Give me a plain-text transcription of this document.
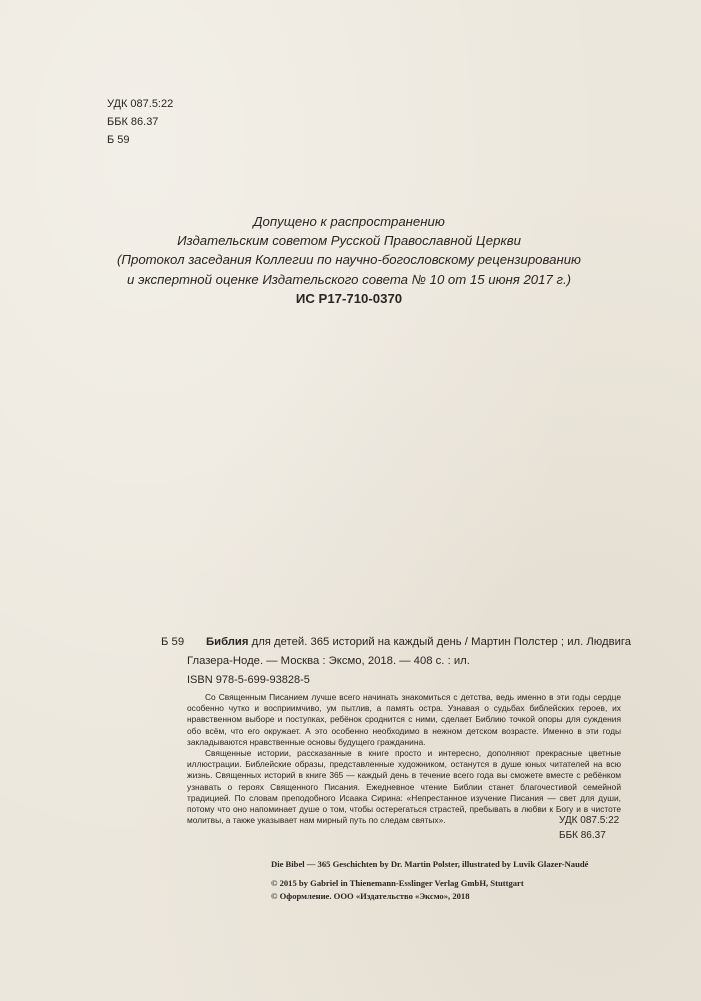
УДК 087.5:22
ББК 86.37
Б 59
Допущено к распространению
Издательским советом Русской Православной Церкви
(Протокол заседания Коллегии по научно-богословскому рецензированию
и экспертной оценке Издательского совета № 10 от 15 июня 2017 г.)
ИС Р17-710-0370
Б 59 Библия для детей. 365 историй на каждый день / Мартин Полстер ; ил. Людвига
Глазера-Ноде. — Москва : Эксмо, 2018. — 408 с. : ил.
ISBN 978-5-699-93828-5

Со Священным Писанием лучше всего начинать знакомиться с детства, ведь именно в эти годы сердце особенно чутко и восприимчиво, ум пытлив, а память остра. Узнавая о судьбах библейских героев, их нравственном выборе и поступках, ребёнок сроднится с ними, сделает Библию точкой опоры для суждения обо всём, что его окружает. А это особенно необходимо в нежном детском возрасте. Именно в эти годы закладываются нравственные основы будущего гражданина.

Священные истории, рассказанные в книге просто и интересно, дополняют прекрасные цветные иллюстрации. Библейские образы, представленные художником, останутся в душе юных читателей на всю жизнь. Священных историй в книге 365 — каждый день в течение всего года вы сможете вместе с ребёнком узнавать о героях Священного Писания. Ежедневное чтение Библии станет благочестивой семейной традицией. По словам преподобного Исаака Сирина: «Непрестанное изучение Писания — свет для души, потому что оно напоминает душе о том, чтобы остерегаться страстей, пребывать в любви к Богу и в чистоте молитвы, а также указывает нам мирный путь по следам святых».	УДК 087.5:22
ББК 86.37
Die Bibel — 365 Geschichten by Dr. Martin Polster, illustrated by Luvik Glazer-Naudé
© 2015 by Gabriel in Thienemann-Esslinger Verlag GmbH, Stuttgart
© Оформление. ООО «Издательство «Эксмо», 2018
